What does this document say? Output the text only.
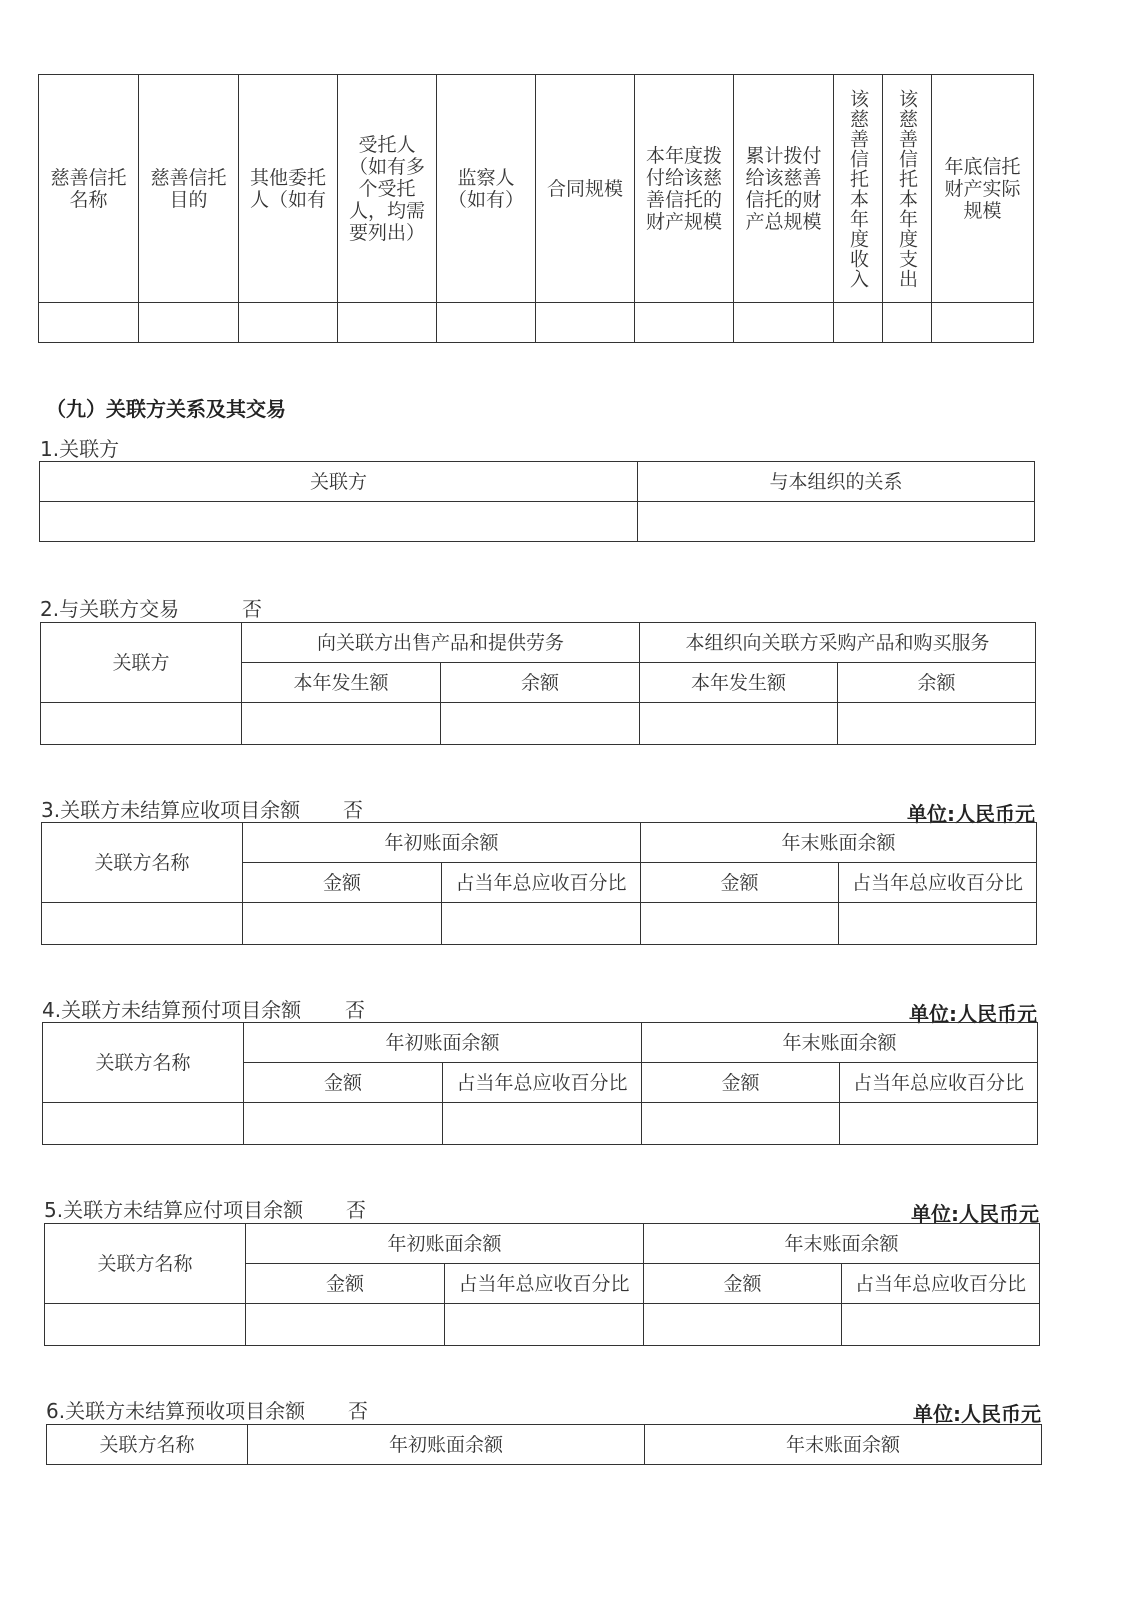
慈善信托名称	慈善信托目的	其他委托人（如有	受托人（如有多个受托人，均需要列出）	监察人（如有）	合同规模	本年度拨付给该慈善信托的财产规模	累计拨付给该慈善信托的财产总规模	该慈善信托本年度收入	该慈善信托本年度支出	年底信托财产实际规模

（九）关联方关系及其交易
1.关联方
关联方	与本组织的关系

2.与关联方交易	否
关联方	向关联方出售产品和提供劳务		本组织向关联方采购产品和购买服务	
	本年发生额	余额	本年发生额	余额

3.关联方未结算应收项目余额 否	单位:人民币元
关联方名称	年初账面余额		年末账面余额	
	金额	占当年总应收百分比	金额	占当年总应收百分比

4.关联方未结算预付项目余额 否	单位:人民币元
关联方名称	年初账面余额		年末账面余额	
	金额	占当年总应收百分比	金额	占当年总应收百分比

5.关联方未结算应付项目余额 否	单位:人民币元
关联方名称	年初账面余额		年末账面余额	
	金额	占当年总应收百分比	金额	占当年总应收百分比

6.关联方未结算预收项目余额 否	单位:人民币元
关联方名称	年初账面余额	年末账面余额
